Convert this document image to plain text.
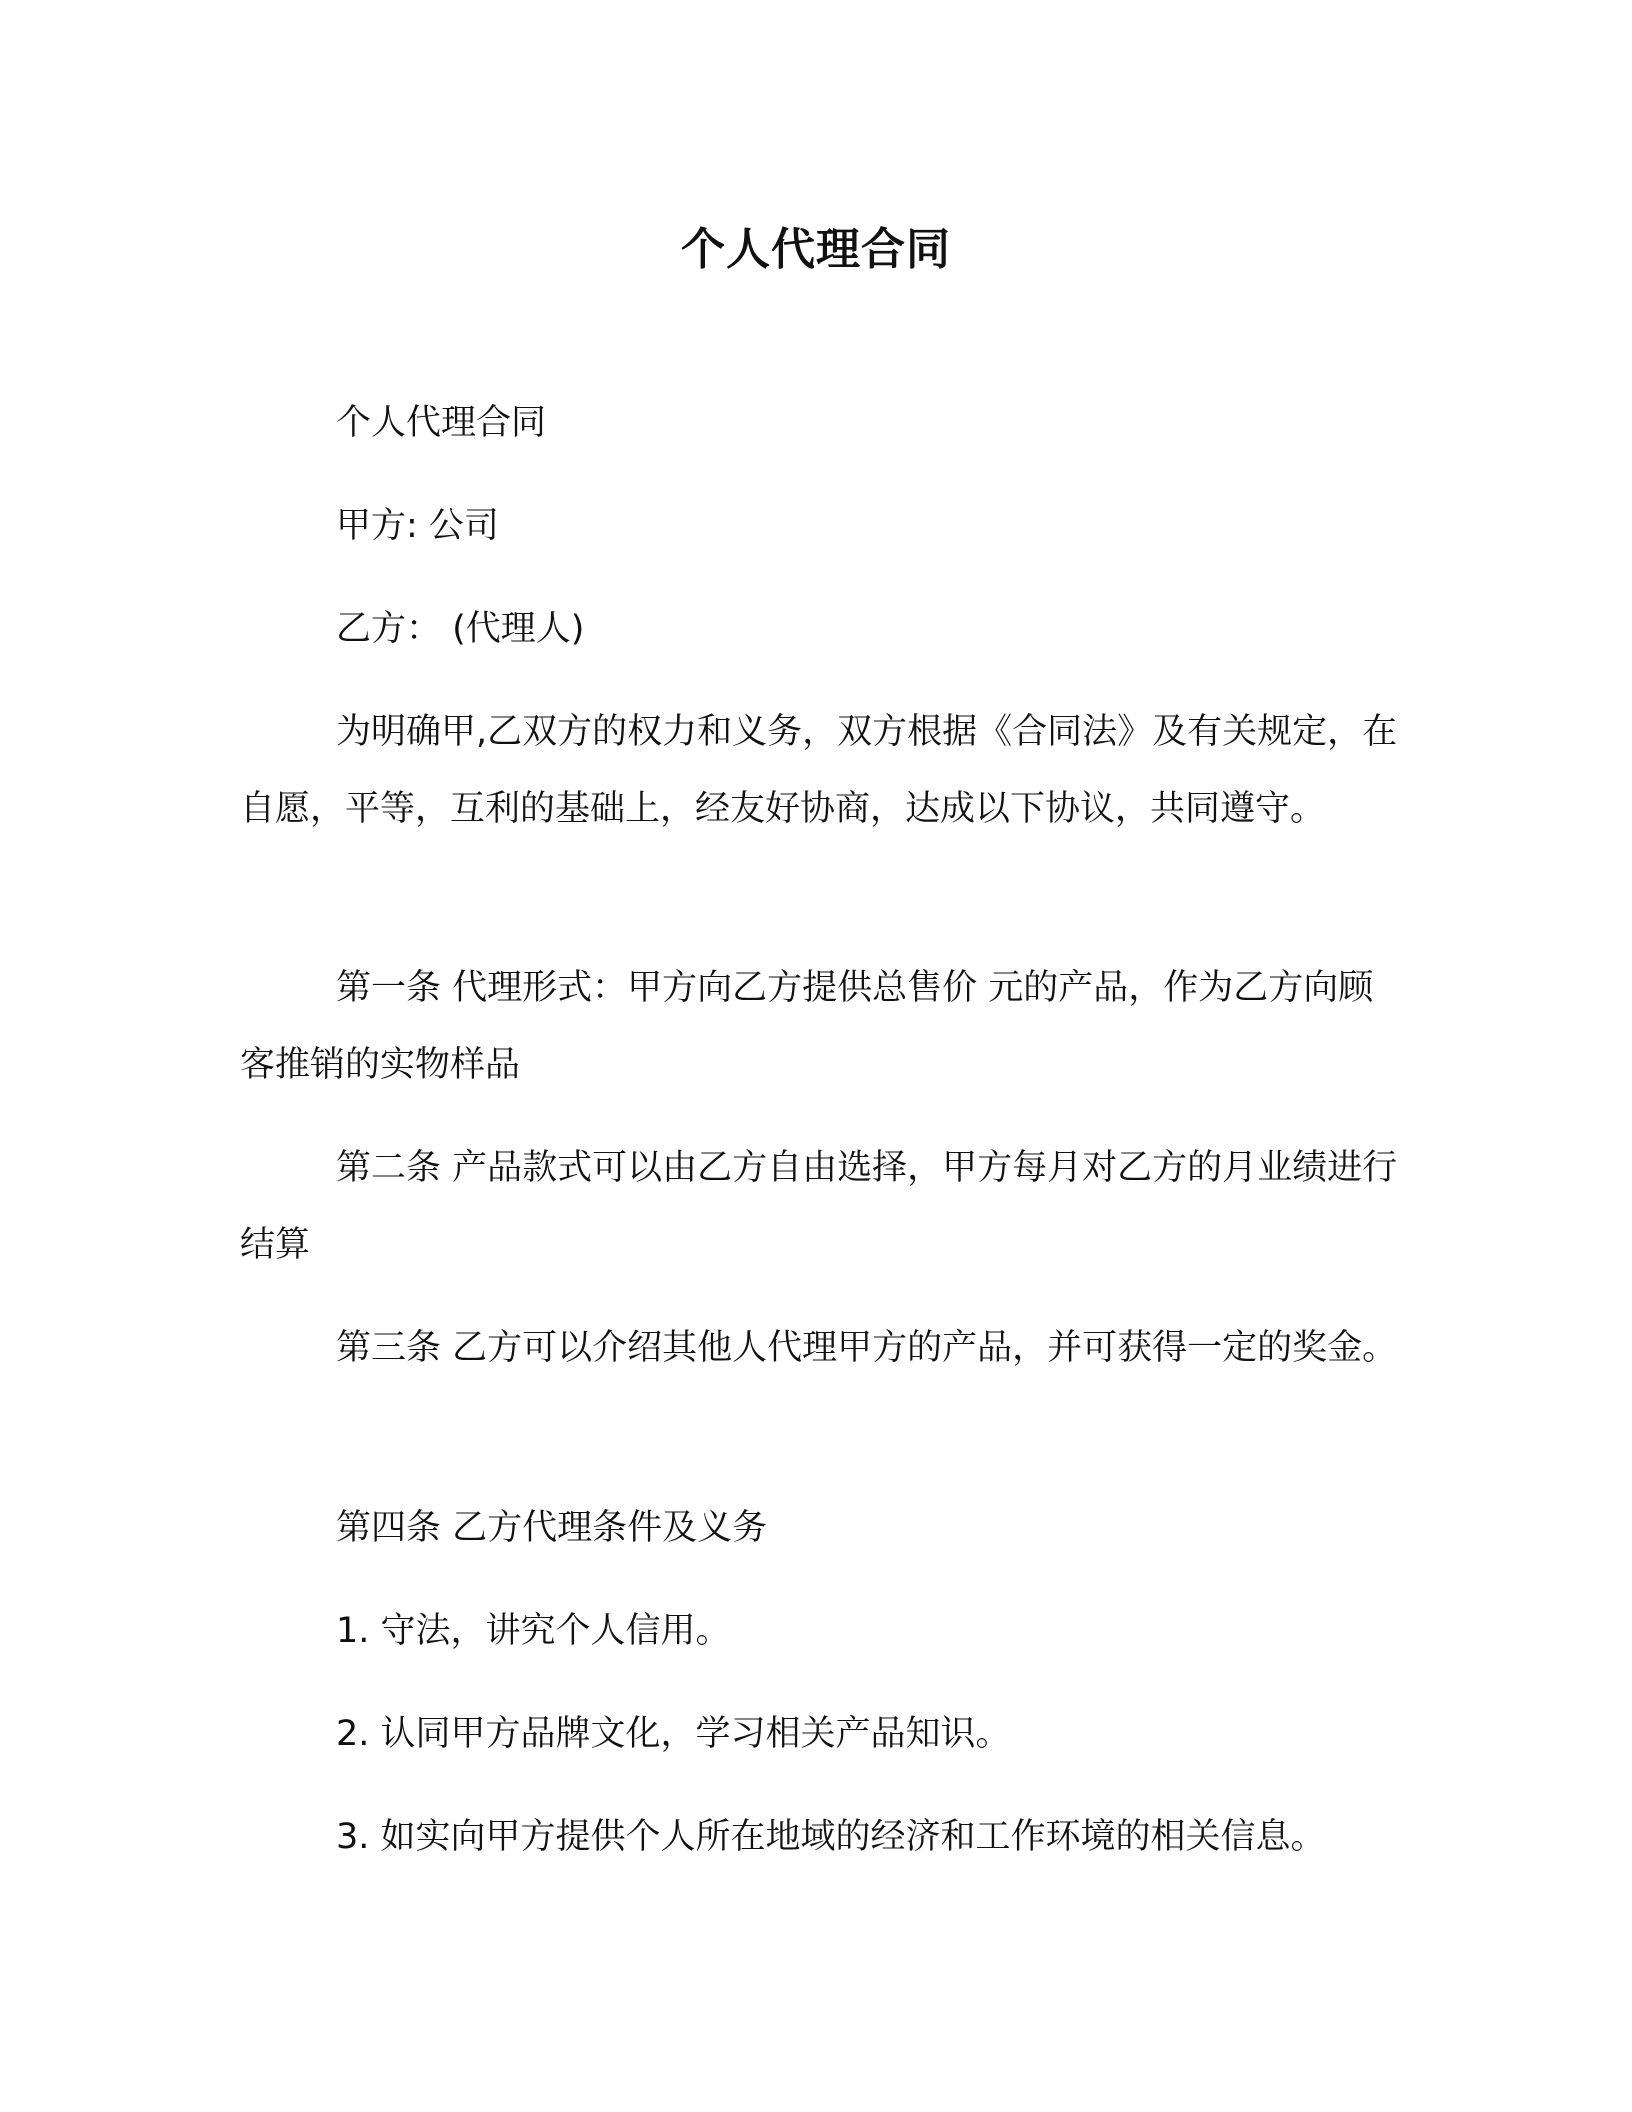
个人代理合同

个人代理合同

甲方: 公司

乙方： (代理人)

为明确甲,乙双方的权力和义务，双方根据《合同法》及有关规定，在自愿，平等，互利的基础上，经友好协商，达成以下协议，共同遵守。

第一条 代理形式：甲方向乙方提供总售价 元的产品，作为乙方向顾客推销的实物样品

第二条 产品款式可以由乙方自由选择，甲方每月对乙方的月业绩进行结算

第三条 乙方可以介绍其他人代理甲方的产品，并可获得一定的奖金。

第四条 乙方代理条件及义务

1. 守法，讲究个人信用。

2. 认同甲方品牌文化，学习相关产品知识。

3. 如实向甲方提供个人所在地域的经济和工作环境的相关信息。
